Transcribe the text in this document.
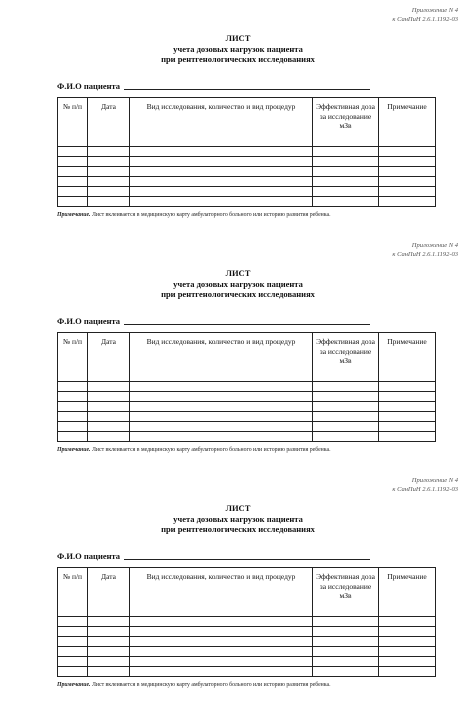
Приложение N 4
к СанПиН 2.6.1.1192-03
ЛИСТ
учета дозовых нагрузок пациента
при рентгенологических исследованиях
Ф.И.О пациента
№ п/п	Дата	Вид исследования, количество и вид процедур	Эффективная доза за исследование мЗв	Примечание

Примечание. Лист вклеивается в медицинскую карту амбулаторного больного или историю развития ребенка.
Приложение N 4
к СанПиН 2.6.1.1192-03
ЛИСТ
учета дозовых нагрузок пациента
при рентгенологических исследованиях
Ф.И.О пациента
№ п/п	Дата	Вид исследования, количество и вид процедур	Эффективная доза за исследование мЗв	Примечание

Примечание. Лист вклеивается в медицинскую карту амбулаторного больного или историю развития ребенка.
Приложение N 4
к СанПиН 2.6.1.1192-03
ЛИСТ
учета дозовых нагрузок пациента
при рентгенологических исследованиях
Ф.И.О пациента
№ п/п	Дата	Вид исследования, количество и вид процедур	Эффективная доза за исследование мЗв	Примечание

Примечание. Лист вклеивается в медицинскую карту амбулаторного больного или историю развития ребенка.
